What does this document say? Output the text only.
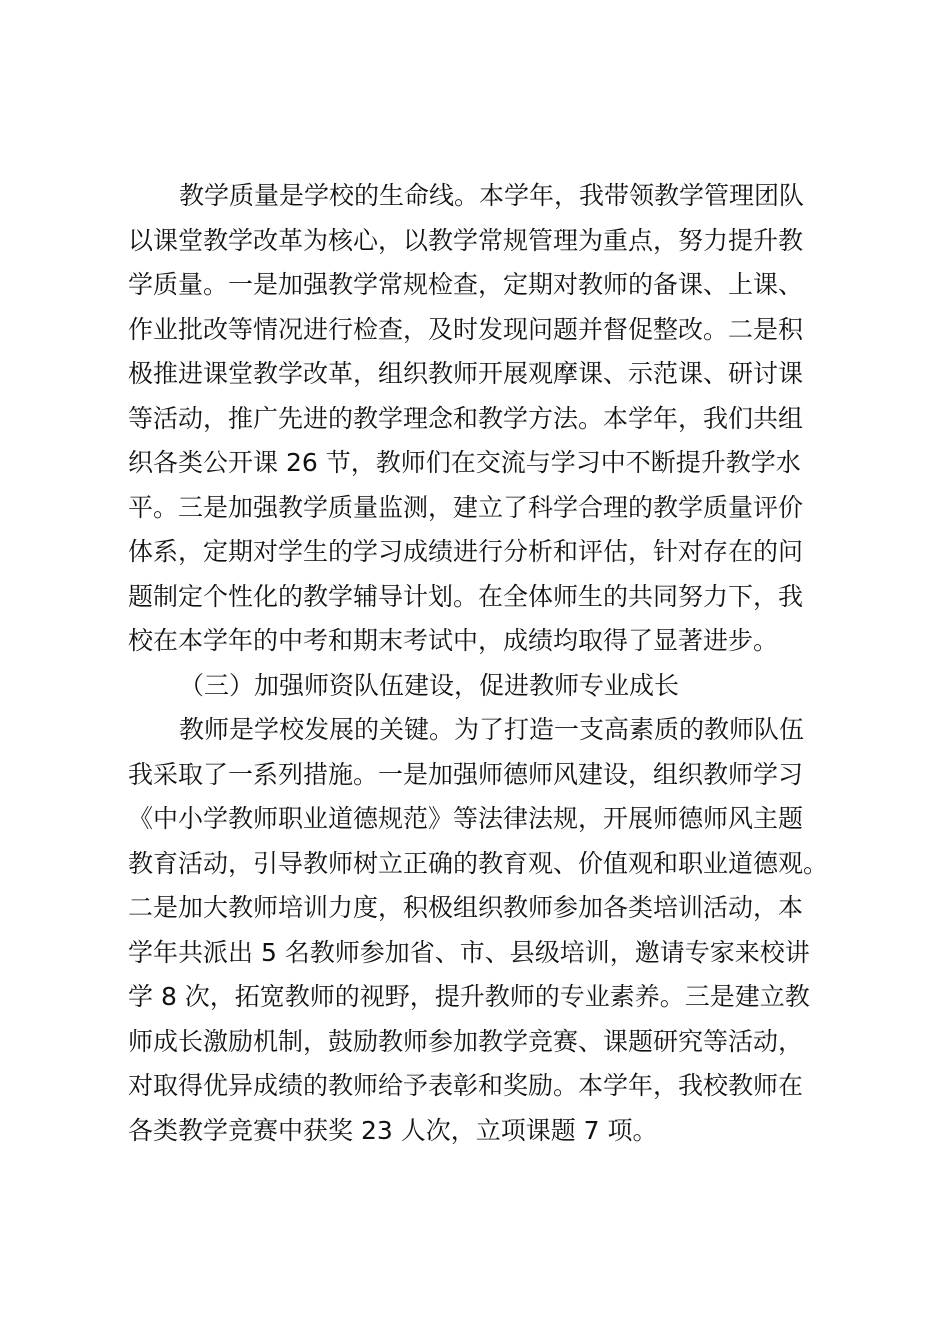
教学质量是学校的生命线。本学年，我带领教学管理团队
以课堂教学改革为核心，以教学常规管理为重点，努力提升教
学质量。一是加强教学常规检查，定期对教师的备课、上课、
作业批改等情况进行检查，及时发现问题并督促整改。二是积
极推进课堂教学改革，组织教师开展观摩课、示范课、研讨课
等活动，推广先进的教学理念和教学方法。本学年，我们共组
织各类公开课 26 节，教师们在交流与学习中不断提升教学水
平。三是加强教学质量监测，建立了科学合理的教学质量评价
体系，定期对学生的学习成绩进行分析和评估，针对存在的问
题制定个性化的教学辅导计划。在全体师生的共同努力下，我
校在本学年的中考和期末考试中，成绩均取得了显著进步。
（三）加强师资队伍建设，促进教师专业成长
教师是学校发展的关键。为了打造一支高素质的教师队伍
我采取了一系列措施。一是加强师德师风建设，组织教师学习
《中小学教师职业道德规范》等法律法规，开展师德师风主题
教育活动，引导教师树立正确的教育观、价值观和职业道德观。
二是加大教师培训力度，积极组织教师参加各类培训活动，本
学年共派出 5 名教师参加省、市、县级培训，邀请专家来校讲
学 8 次，拓宽教师的视野，提升教师的专业素养。三是建立教
师成长激励机制，鼓励教师参加教学竞赛、课题研究等活动，
对取得优异成绩的教师给予表彰和奖励。本学年，我校教师在
各类教学竞赛中获奖 23 人次，立项课题 7 项。
